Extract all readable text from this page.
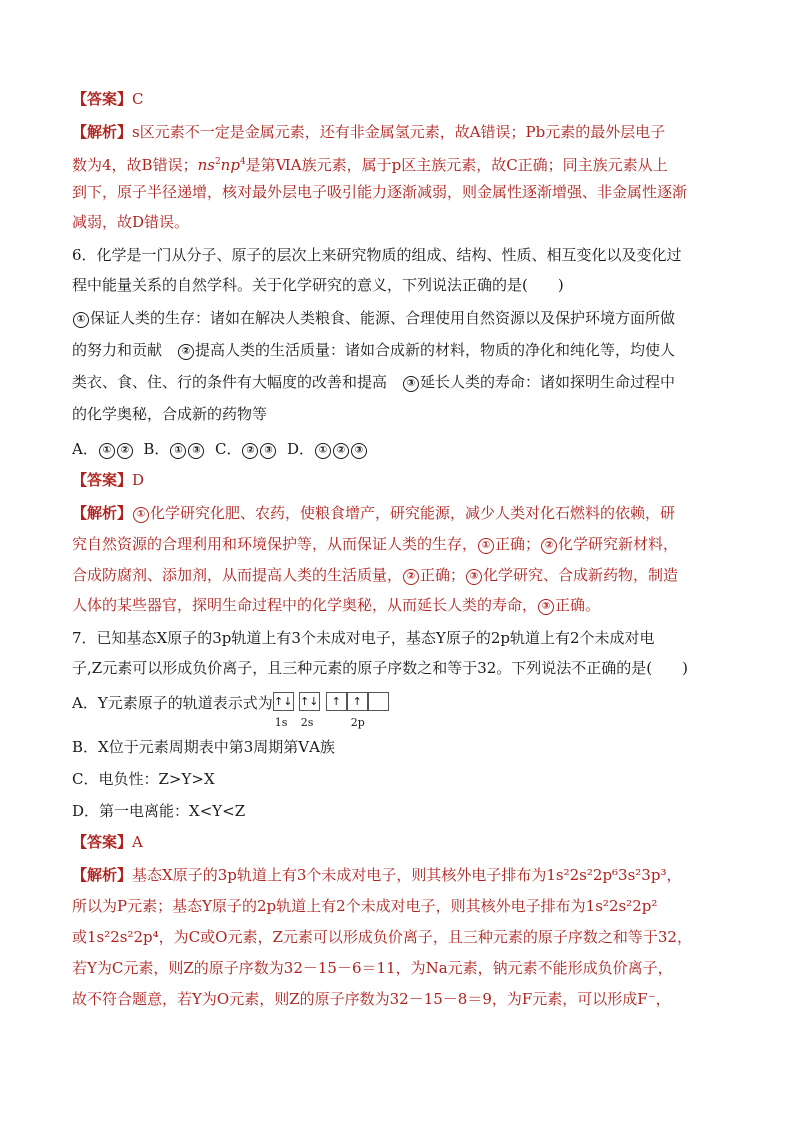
【答案】C
【解析】s区元素不一定是金属元素，还有非金属氢元素，故A错误；Pb元素的最外层电子
数为4，故B错误；$ns^2np^4$是第ⅥA族元素，属于p区主族元素，故C正确；同主族元素从上
到下，原子半径递增，核对最外层电子吸引能力逐渐减弱，则金属性逐渐增强、非金属性逐渐
减弱，故D错误。
6．化学是一门从分子、原子的层次上来研究物质的组成、结构、性质、相互变化以及变化过
程中能量关系的自然学科。关于化学研究的意义，下列说法正确的是(　　)
① 保证人类的生存：诸如在解决人类粮食、能源、合理使用自然资源以及保护环境方面所做
的努力和贡献　② 提高人类的生活质量：诸如合成新的材料，物质的净化和纯化等，均使人
类衣、食、住、行的条件有大幅度的改善和提高　③ 延长人类的寿命：诸如探明生命过程中
的化学奥秘，合成新的药物等
A． ① ② B． ① ③ C． ② ③ D． ① ② ③
【答案】D
【解析】 ① 化学研究化肥、农药，使粮食增产，研究能源，减少人类对化石燃料的依赖，研
究自然资源的合理利用和环境保护等，从而保证人类的生存， ① 正确； ② 化学研究新材料，
合成防腐剂、添加剂，从而提高人类的生活质量， ② 正确； ③ 化学研究、合成新药物，制造
人体的某些器官，探明生命过程中的化学奥秘，从而延长人类的寿命， ③ 正确。
7．已知基态X原子的3p轨道上有3个未成对电子，基态Y原子的2p轨道上有2个未成对电
子,Z元素可以形成负价离子，且三种元素的原子序数之和等于32。下列说法不正确的是(　　)
A．Y元素原子的轨道表示式为 ↑↓ ↑↓	↑	↑
1s 2s	2p
B．X位于元素周期表中第3周期第ⅤA族
C．电负性：Z>Y>X
D．第一电离能：X<Y<Z
【答案】A
【解析】基态X原子的3p轨道上有3个未成对电子，则其核外电子排布为1s²2s²2p⁶3s²3p³，
所以为P元素；基态Y原子的2p轨道上有2个未成对电子，则其核外电子排布为1s²2s²2p²
或1s²2s²2p⁴，为C或O元素，Z元素可以形成负价离子，且三种元素的原子序数之和等于32，
若Y为C元素，则Z的原子序数为32－15－6＝11，为Na元素，钠元素不能形成负价离子，
故不符合题意，若Y为O元素，则Z的原子序数为32－15－8＝9，为F元素，可以形成F⁻，
